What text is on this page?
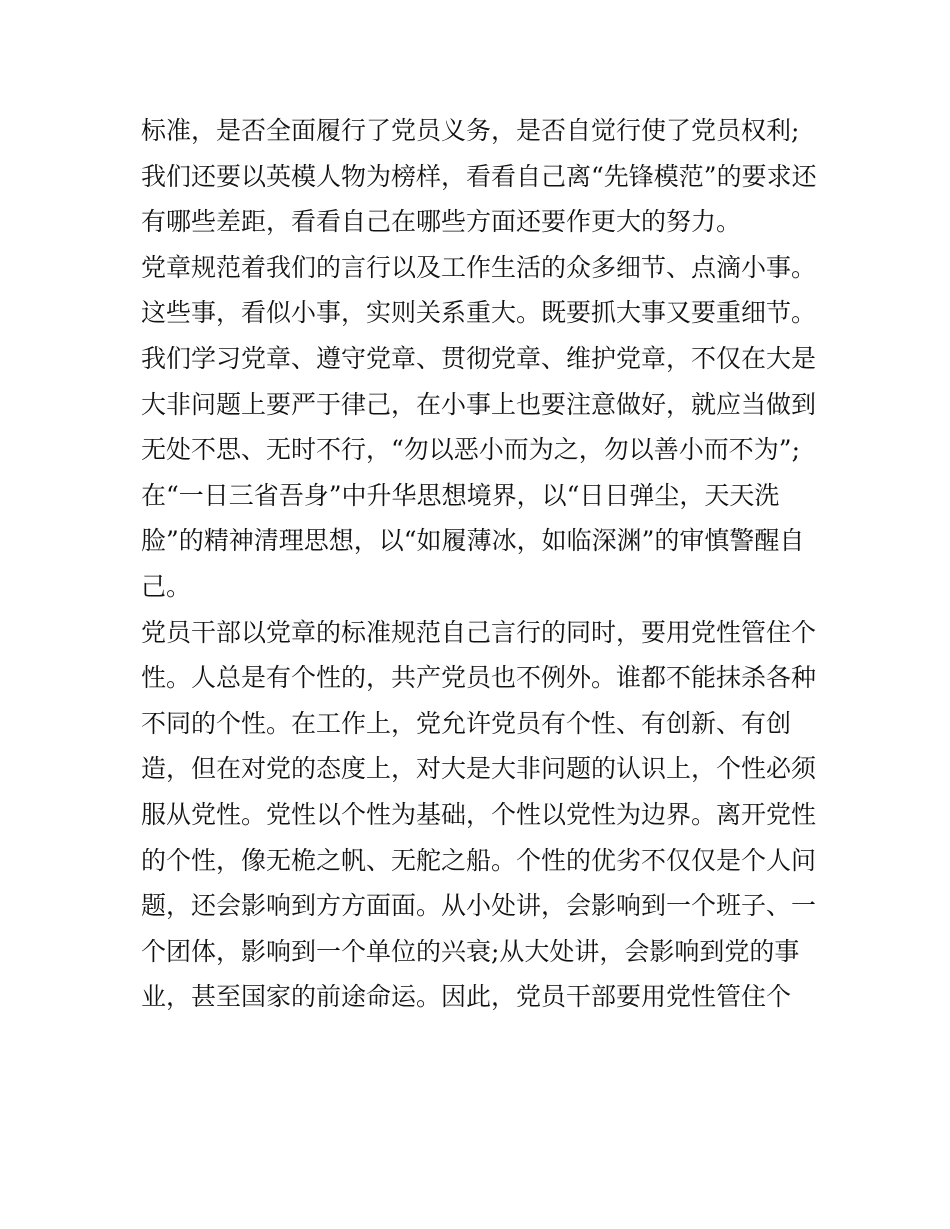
标准，是否全面履行了党员义务，是否自觉行使了党员权利;
我们还要以英模人物为榜样，看看自己离“先锋模范”的要求还
有哪些差距，看看自己在哪些方面还要作更大的努力。
党章规范着我们的言行以及工作生活的众多细节、点滴小事。
这些事，看似小事，实则关系重大。既要抓大事又要重细节。
我们学习党章、遵守党章、贯彻党章、维护党章，不仅在大是
大非问题上要严于律己，在小事上也要注意做好，就应当做到
无处不思、无时不行，“勿以恶小而为之，勿以善小而不为”;
在“一日三省吾身”中升华思想境界，以“日日弹尘，天天洗
脸”的精神清理思想，以“如履薄冰，如临深渊”的审慎警醒自
己。
党员干部以党章的标准规范自己言行的同时，要用党性管住个
性。人总是有个性的，共产党员也不例外。谁都不能抹杀各种
不同的个性。在工作上，党允许党员有个性、有创新、有创
造，但在对党的态度上，对大是大非问题的认识上，个性必须
服从党性。党性以个性为基础，个性以党性为边界。离开党性
的个性，像无桅之帆、无舵之船。个性的优劣不仅仅是个人问
题，还会影响到方方面面。从小处讲，会影响到一个班子、一
个团体，影响到一个单位的兴衰;从大处讲，会影响到党的事
业，甚至国家的前途命运。因此，党员干部要用党性管住个
